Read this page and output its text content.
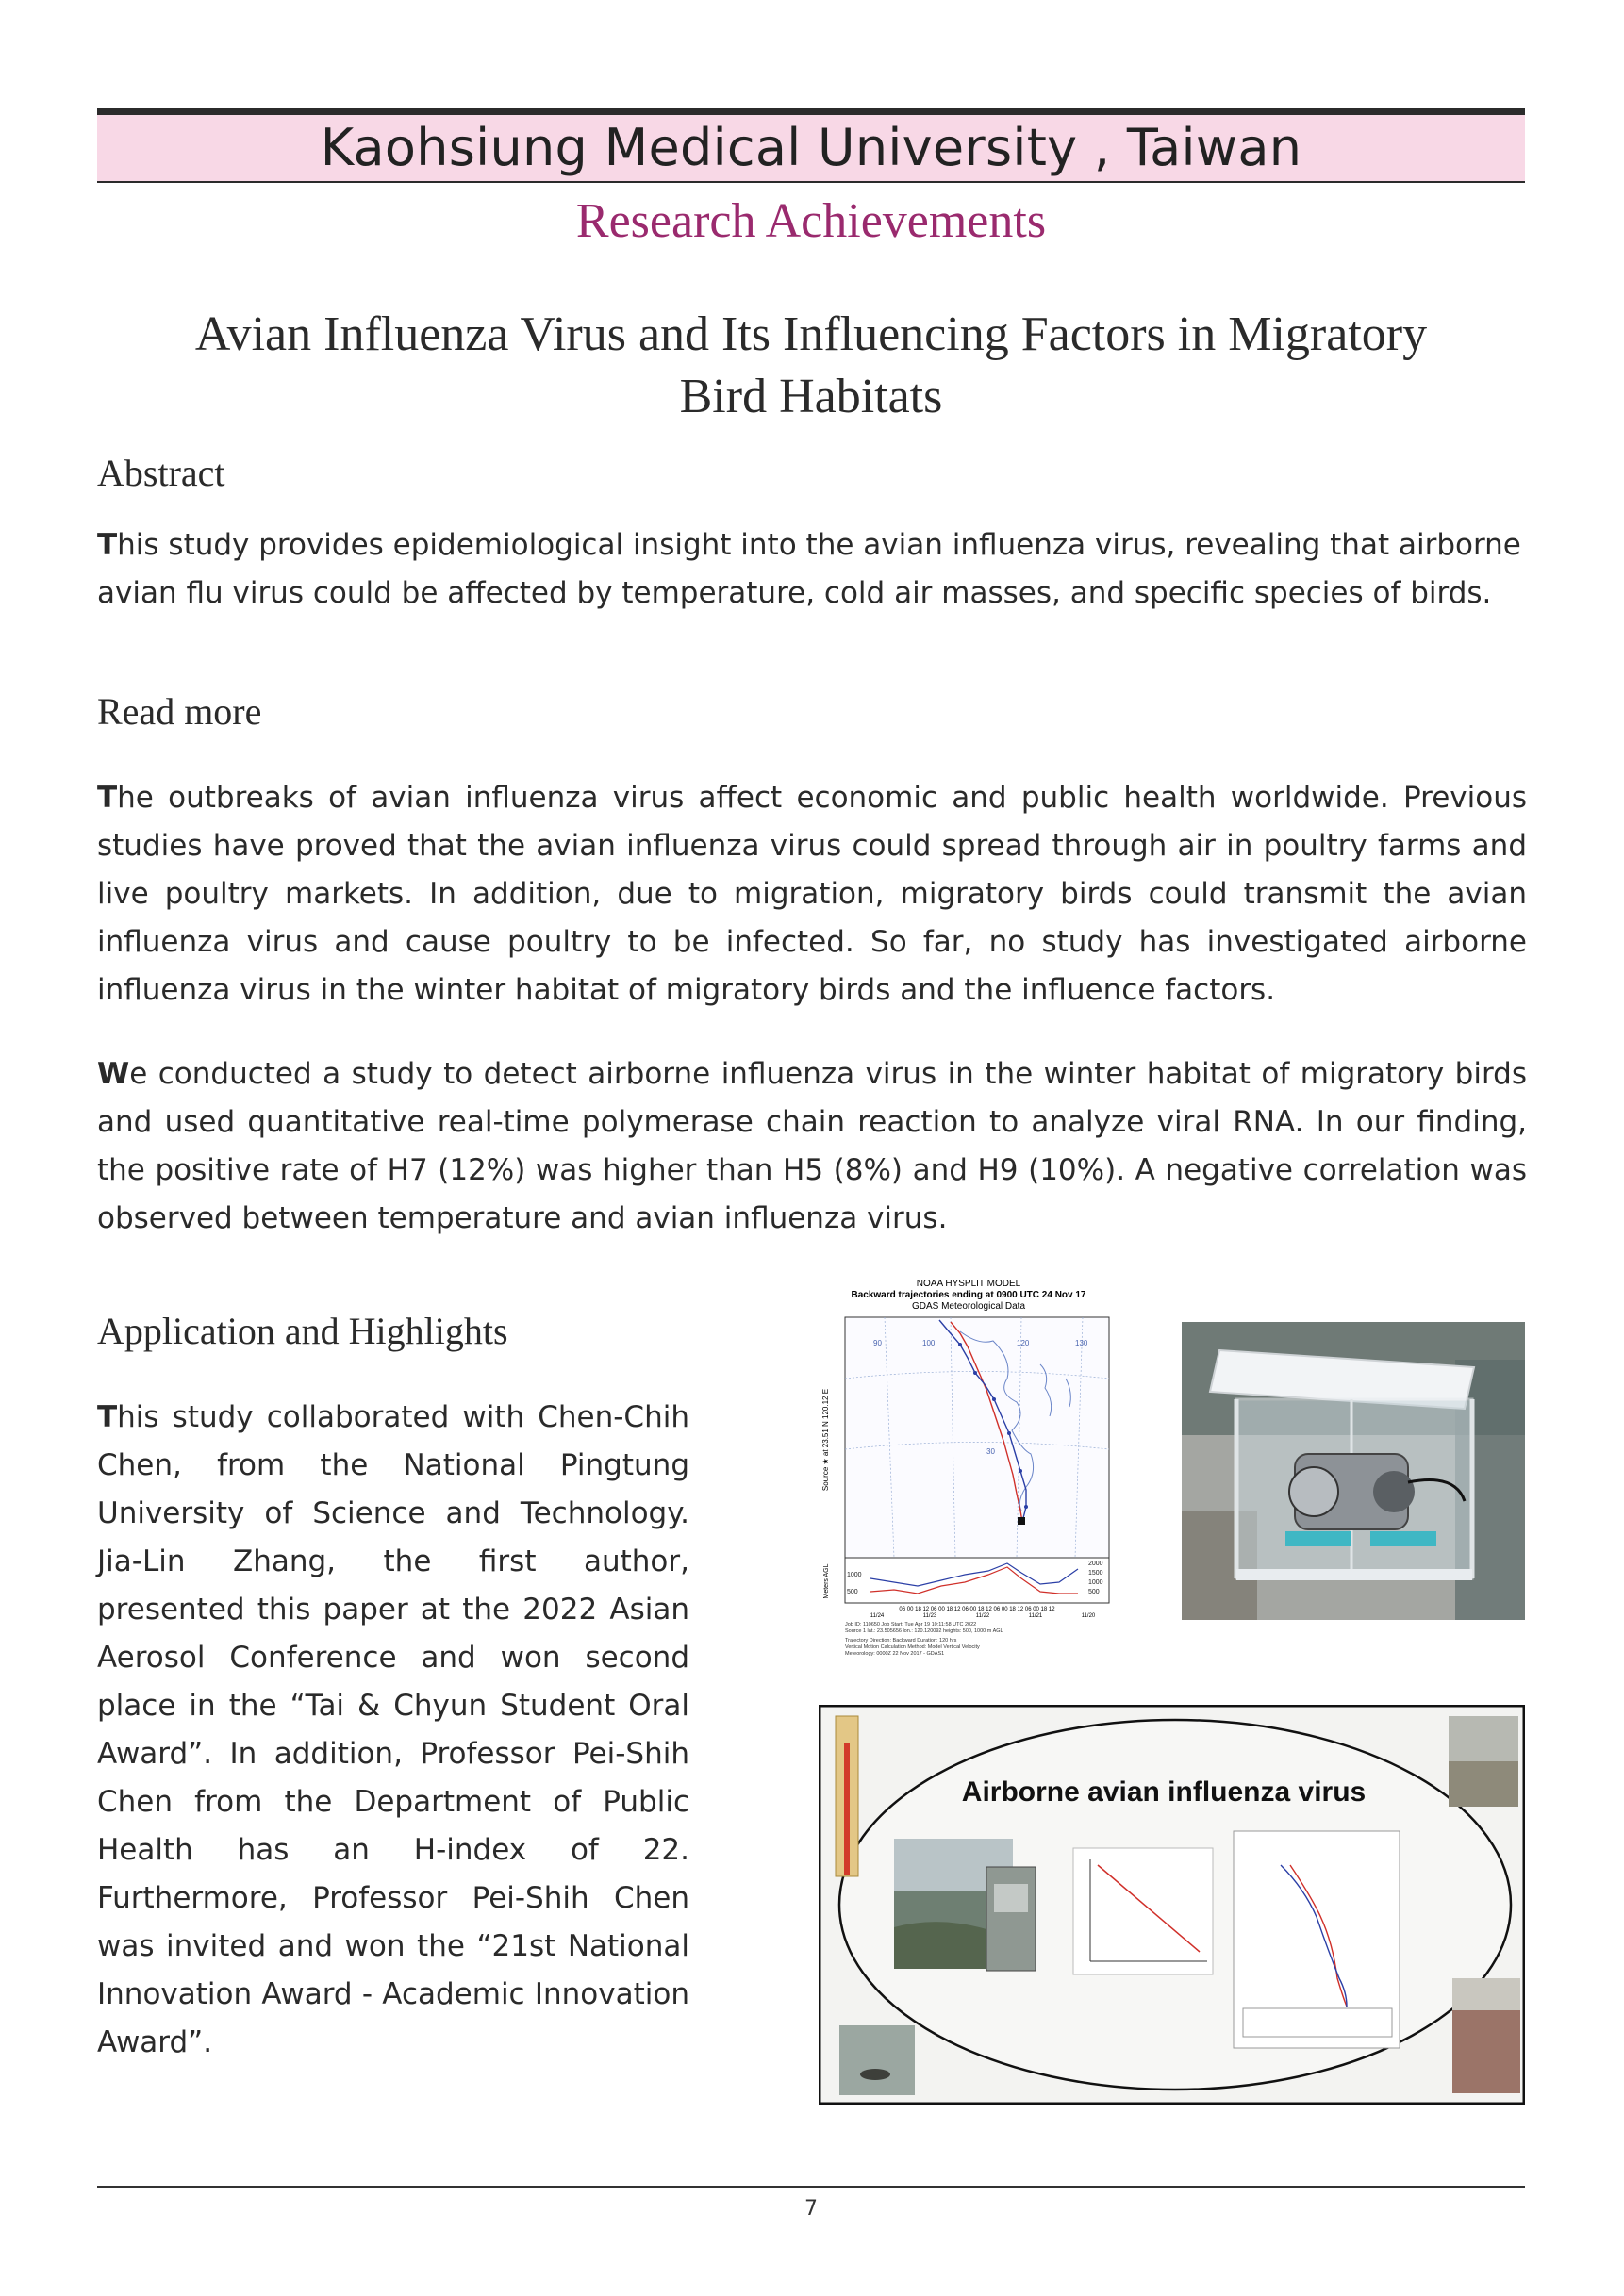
Kaohsiung Medical University , Taiwan
Research Achievements
Avian Influenza Virus and Its Influencing Factors in Migratory Bird Habitats
Abstract

This study provides epidemiological insight into the avian influenza virus, revealing that airborne avian flu virus could be affected by temperature, cold air masses, and specific species of birds.

Read more

The outbreaks of avian influenza virus affect economic and public health worldwide. Previous studies have proved that the avian influenza virus could spread through air in poultry farms and live poultry markets. In addition, due to migration, migratory birds could transmit the avian influenza virus and cause poultry to be infected. So far, no study has investigated airborne influenza virus in the winter habitat of migratory birds and the influence factors.

We conducted a study to detect airborne influenza virus in the winter habitat of migratory birds and used quantitative real-time polymerase chain reaction to analyze viral RNA. In our finding, the positive rate of H7 (12%) was higher than H5 (8%) and H9 (10%). A negative correlation was observed between temperature and avian influenza virus.

Application and Highlights

This study collaborated with Chen-Chih Chen, from the National Pingtung University of Science and Technology. Jia-Lin Zhang, the first author, presented this paper at the 2022 Asian Aerosol Conference and won second place in the “Tai & Chyun Student Oral Award”. In addition, Professor Pei-Shih Chen from the Department of Public Health has an H-index of 22. Furthermore, Professor Pei-Shih Chen was invited and won the “21st National Innovation Award - Academic Innovation Award”.

NOAA HYSPLIT MODEL
Backward trajectories ending at 0900 UTC 24 Nov 17
GDAS Meteorological Data
90	100	120	130
30
Source ★ at 23.51 N 120.12 E
Meters AGL	1000
500
2000
1500
1000
500
06 00 18 12 06 00 18 12 06 00 18 12 06 00 18 12 06 00 18 12
11/24	11/23	11/22	11/21	11/20
Job ID: 110650 Job Start: Tue Apr 19 10:11:58 UTC 2022
Source 1 lat.: 23.505656 lon.: 120.120092 heights: 500, 1000 m AGL
Trajectory Direction: Backward Duration: 120 hrs
Vertical Motion Calculation Method: Model Vertical Velocity
Meteorology: 0000Z 22 Nov 2017 - GDAS1
Airborne avian influenza virus
7
